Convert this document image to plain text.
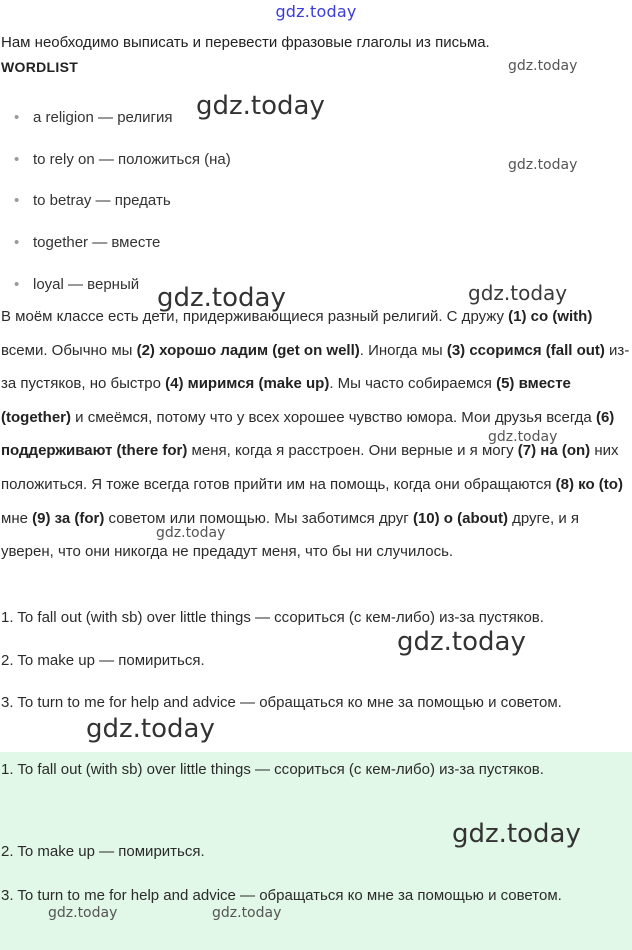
gdz.today
Нам необходимо выписать и перевести фразовые глаголы из письма.
WORDLIST
• a religion — религия
• to rely on — положиться (на)
• to betray — предать
• together — вместе
• loyal — верный

В моём классе есть дети, придерживающиеся разный религий. С дружу (1) со (with) всеми. Обычно мы (2) хорошо ладим (get on well). Иногда мы (3) ссоримся (fall out) из-за пустяков, но быстро (4) миримся (make up). Мы часто собираемся (5) вместе (together) и смеёмся, потому что у всех хорошее чувство юмора. Мои друзья всегда (6) поддерживают (there for) меня, когда я расстроен. Они верные и я могу (7) на (on) них положиться. Я тоже всегда готов прийти им на помощь, когда они обращаются (8) ко (to) мне (9) за (for) советом или помощью. Мы заботимся друг (10) о (about) друге, и я уверен, что они никогда не предадут меня, что бы ни случилось.

1. To fall out (with sb) over little things — ссориться (с кем-либо) из-за пустяков.

2. To make up — помириться.

3. To turn to me for help and advice — обращаться ко мне за помощью и советом.

1. To fall out (with sb) over little things — ссориться (с кем-либо) из-за пустяков.

2. To make up — помириться.

3. To turn to me for help and advice — обращаться ко мне за помощью и советом.

gdz.today
gdz.today
gdz.today
gdz.today	gdz.today
gdz.today
gdz.today
gdz.today
gdz.today
gdz.today
gdz.today	gdz.today
